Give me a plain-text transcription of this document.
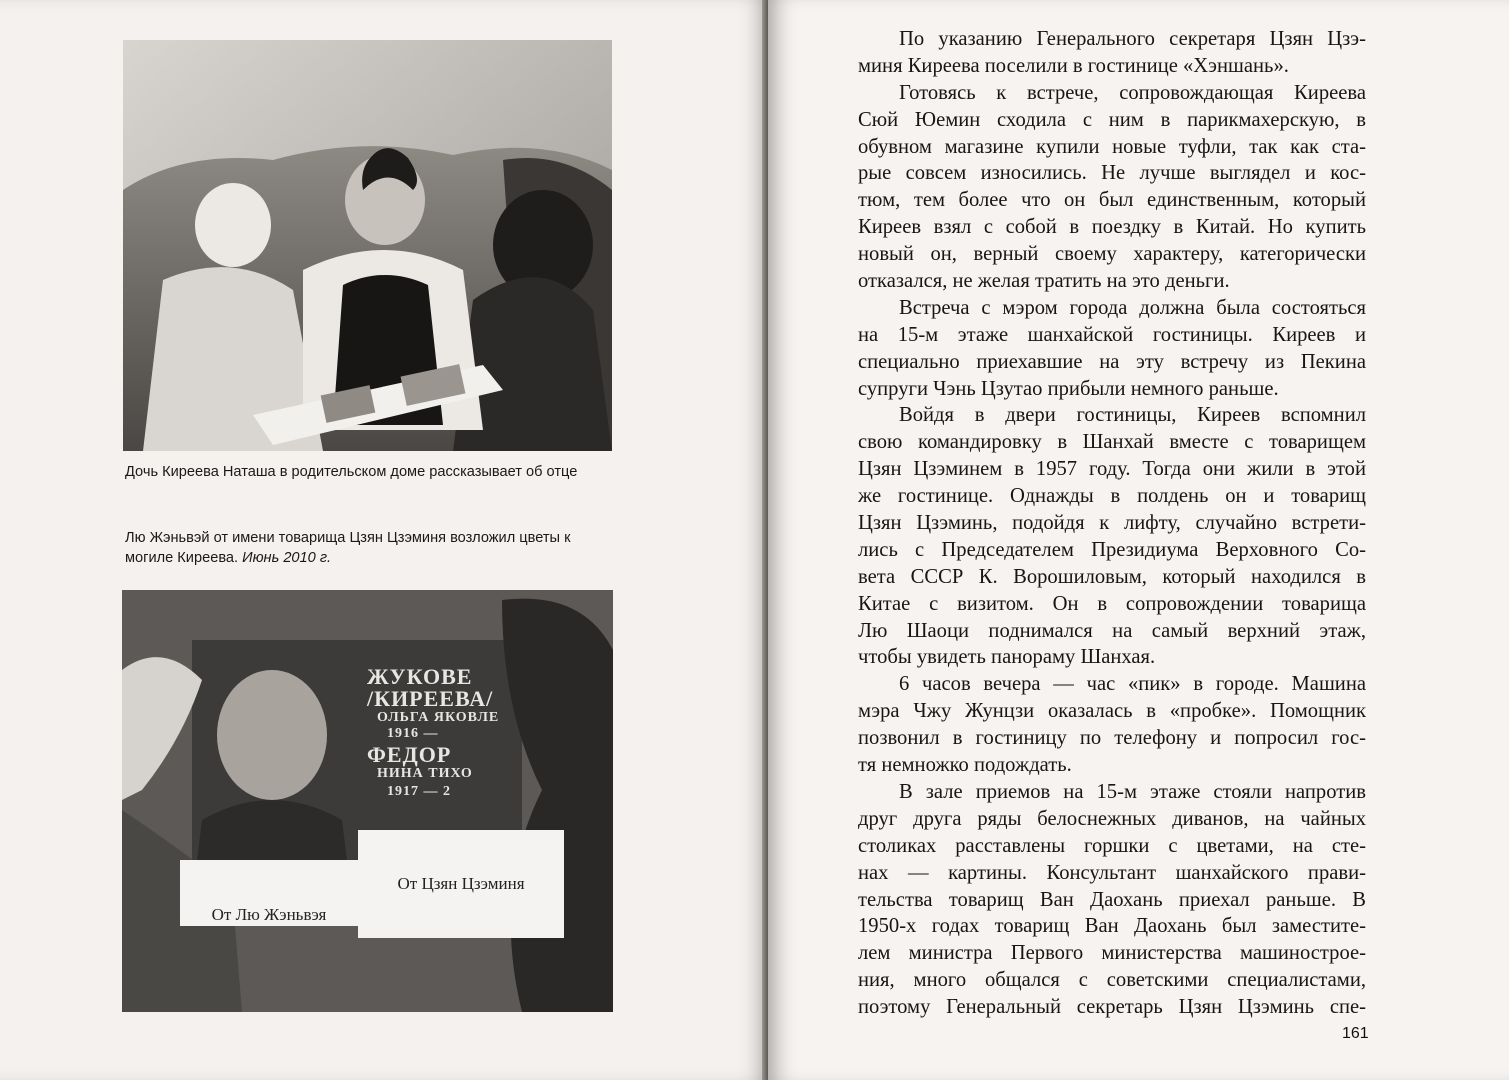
Дочь Киреева Наташа в родительском доме рассказывает об отце
Лю Жэньвэй от имени товарища Цзян Цзэминя возложил цветы к могиле Киреева. Июнь 2010 г.
ЖУКОВЕ
/КИРЕЕВА/
ОЛЬГА ЯКОВЛЕ
1916 —
ФЕДОР
НИНА ТИХО
1917 — 2
От Лю Жэньвэя
От Цзян Цзэминя
По указанию Генерального секретаря Цзян Цзэ-
миня Киреева поселили в гостинице «Хэншань».
Готовясь к встрече, сопровождающая Киреева
Сюй Юемин сходила с ним в парикмахерскую, в
обувном магазине купили новые туфли, так как ста-
рые совсем износились. Не лучше выглядел и кос-
тюм, тем более что он был единственным, который
Киреев взял с собой в поездку в Китай. Но купить
новый он, верный своему характеру, категорически
отказался, не желая тратить на это деньги.
Встреча с мэром города должна была состояться
на 15-м этаже шанхайской гостиницы. Киреев и
специально приехавшие на эту встречу из Пекина
супруги Чэнь Цзутао прибыли немного раньше.
Войдя в двери гостиницы, Киреев вспомнил
свою командировку в Шанхай вместе с товарищем
Цзян Цзэминем в 1957 году. Тогда они жили в этой
же гостинице. Однажды в полдень он и товарищ
Цзян Цзэминь, подойдя к лифту, случайно встрети-
лись с Председателем Президиума Верховного Со-
вета СССР К. Ворошиловым, который находился в
Китае с визитом. Он в сопровождении товарища
Лю Шаоци поднимался на самый верхний этаж,
чтобы увидеть панораму Шанхая.
6 часов вечера — час «пик» в городе. Машина
мэра Чжу Жунцзи оказалась в «пробке». Помощник
позвонил в гостиницу по телефону и попросил гос-
тя немножко подождать.
В зале приемов на 15-м этаже стояли напротив
друг друга ряды белоснежных диванов, на чайных
столиках расставлены горшки с цветами, на сте-
нах — картины. Консультант шанхайского прави-
тельства товарищ Ван Даохань приехал раньше. В
1950-х годах товарищ Ван Даохань был заместите-
лем министра Первого министерства машинострое-
ния, много общался с советскими специалистами,
поэтому Генеральный секретарь Цзян Цзэминь спе-
161
